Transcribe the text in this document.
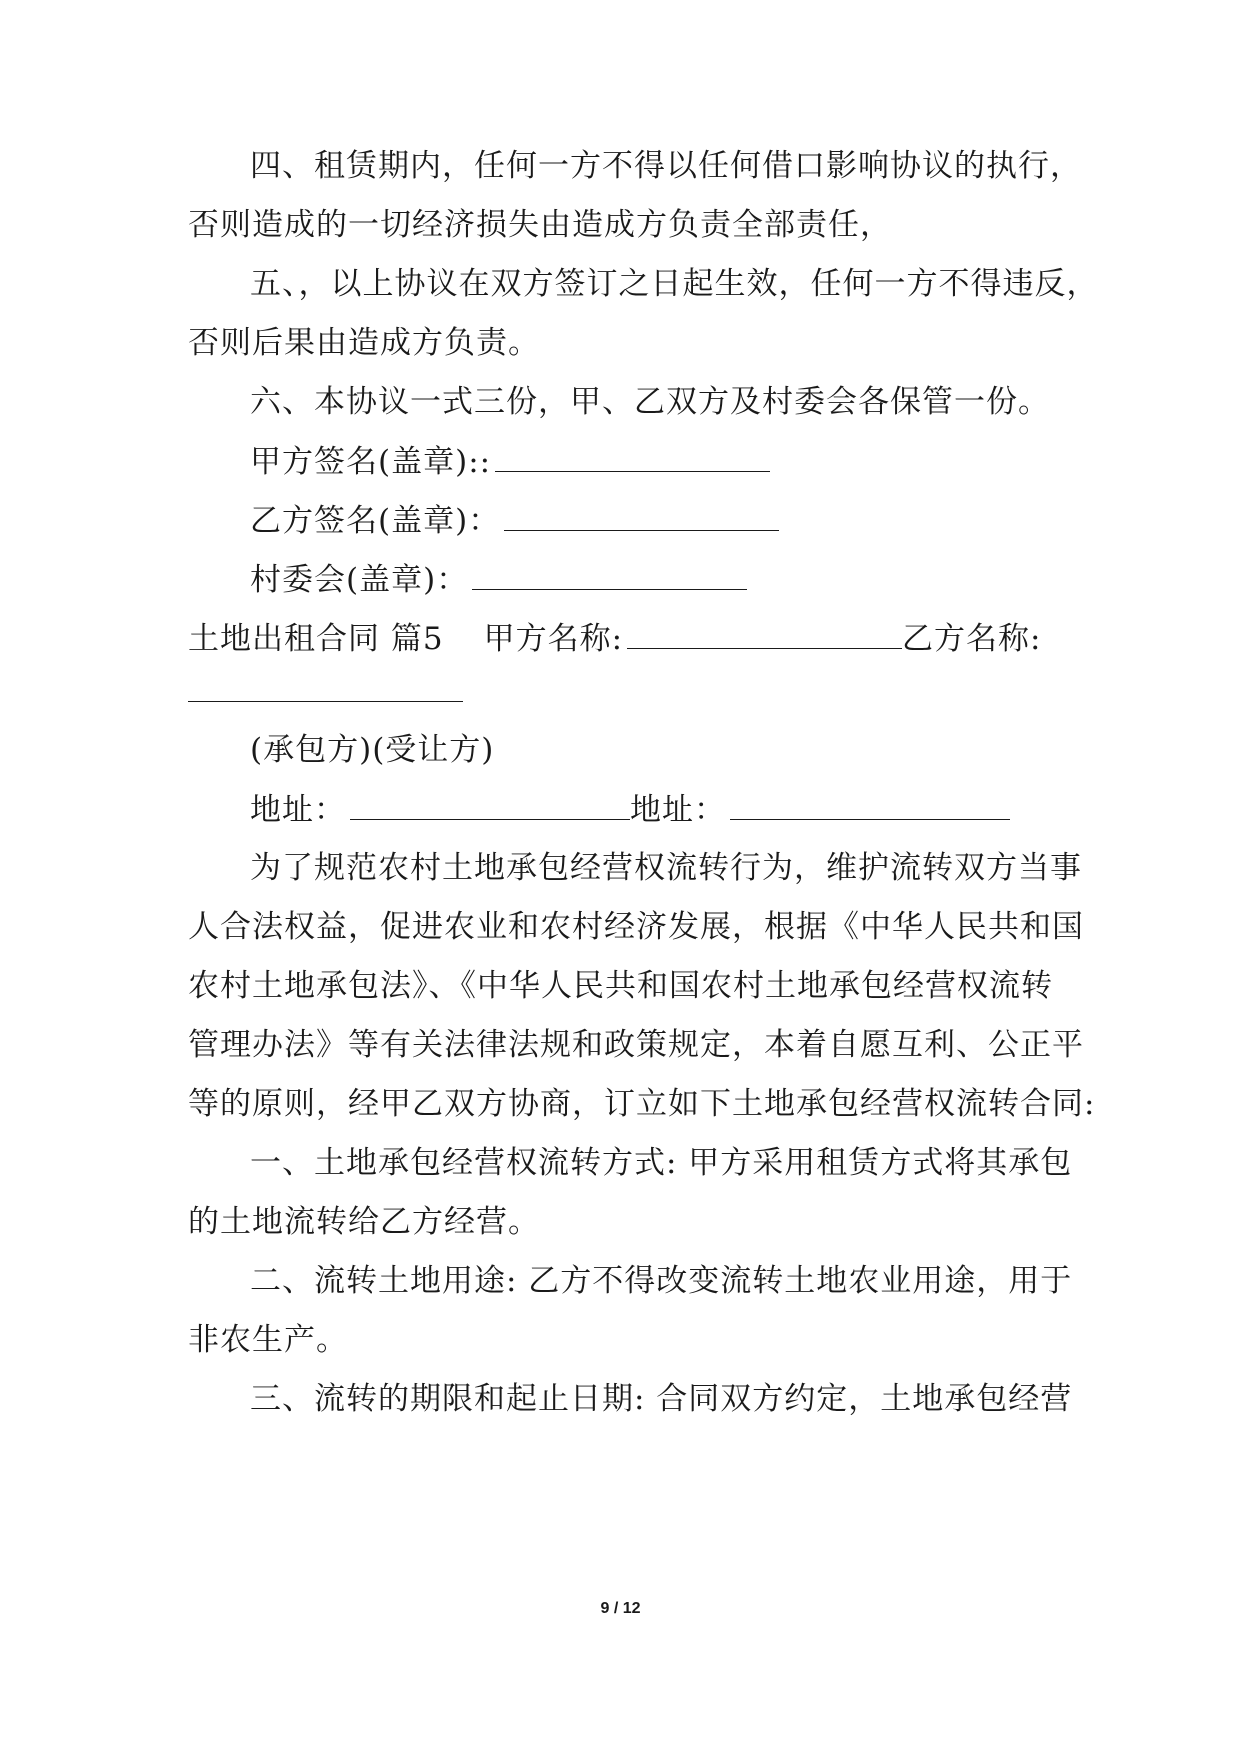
四、租赁期内，任何一方不得以任何借口影响协议的执行，
否则造成的一切经济损失由造成方负责全部责任，
五、，以上协议在双方签订之日起生效，任何一方不得违反，
否则后果由造成方负责。
六、本协议一式三份，甲、乙双方及村委会各保管一份。
甲方签名(盖章)::
乙方签名(盖章)：
村委会(盖章)：
土地出租合同 篇5 甲方名称:	乙方名称:
(承包方)(受让方)
地址：	地址：
为了规范农村土地承包经营权流转行为，维护流转双方当事
人合法权益，促进农业和农村经济发展，根据《中华人民共和国
农村土地承包法》、《中华人民共和国农村土地承包经营权流转
管理办法》等有关法律法规和政策规定，本着自愿互利、公正平
等的原则，经甲乙双方协商，订立如下土地承包经营权流转合同:
一、土地承包经营权流转方式: 甲方采用租赁方式将其承包
的土地流转给乙方经营。
二、流转土地用途: 乙方不得改变流转土地农业用途，用于
非农生产。
三、流转的期限和起止日期: 合同双方约定，土地承包经营
9 / 12
